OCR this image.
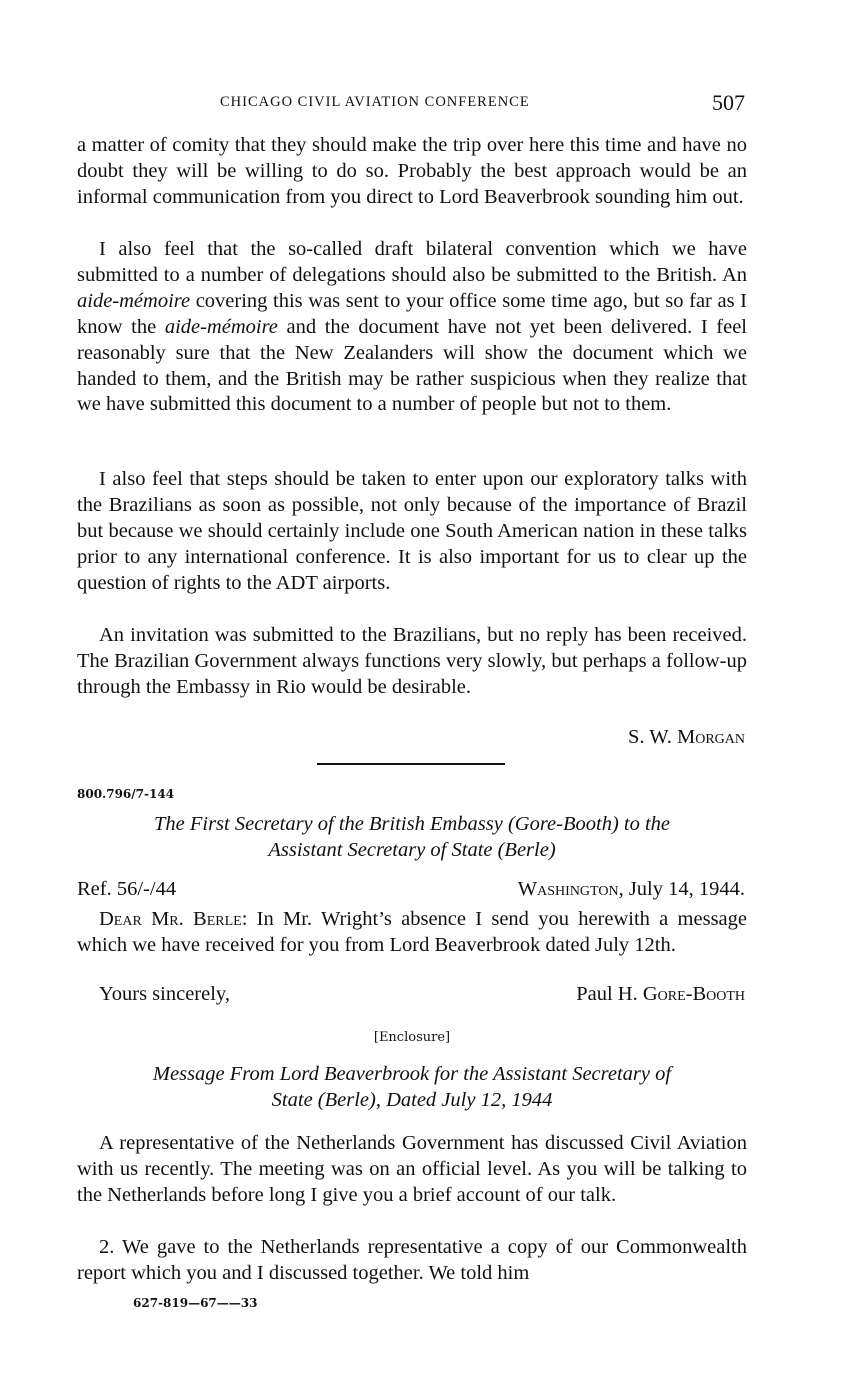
CHICAGO CIVIL AVIATION CONFERENCE	507

a matter of comity that they should make the trip over here this time and have no doubt they will be willing to do so. Probably the best approach would be an informal communication from you direct to Lord Beaverbrook sounding him out.

I also feel that the so-called draft bilateral convention which we have submitted to a number of delegations should also be submitted to the British. An aide-mémoire covering this was sent to your office some time ago, but so far as I know the aide-mémoire and the document have not yet been delivered. I feel reasonably sure that the New Zealanders will show the document which we handed to them, and the British may be rather suspicious when they realize that we have submitted this document to a number of people but not to them.

I also feel that steps should be taken to enter upon our exploratory talks with the Brazilians as soon as possible, not only because of the importance of Brazil but because we should certainly include one South American nation in these talks prior to any international conference. It is also important for us to clear up the question of rights to the ADT airports.

An invitation was submitted to the Brazilians, but no reply has been received. The Brazilian Government always functions very slowly, but perhaps a follow-up through the Embassy in Rio would be desirable.

S. W. Morgan
800.796/7-144
The First Secretary of the British Embassy (Gore-Booth) to the
Assistant Secretary of State (Berle)
Ref. 56/-/44	Washington, July 14, 1944.

Dear Mr. Berle: In Mr. Wright’s absence I send you herewith a message which we have received for you from Lord Beaverbrook dated July 12th.

Yours sincerely,	Paul H. Gore-Booth
[Enclosure]
Message From Lord Beaverbrook for the Assistant Secretary of
State (Berle), Dated July 12, 1944

A representative of the Netherlands Government has discussed Civil Aviation with us recently. The meeting was on an official level. As you will be talking to the Netherlands before long I give you a brief account of our talk.

2. We gave to the Netherlands representative a copy of our Commonwealth report which you and I discussed together. We told him

627-819—67——33
